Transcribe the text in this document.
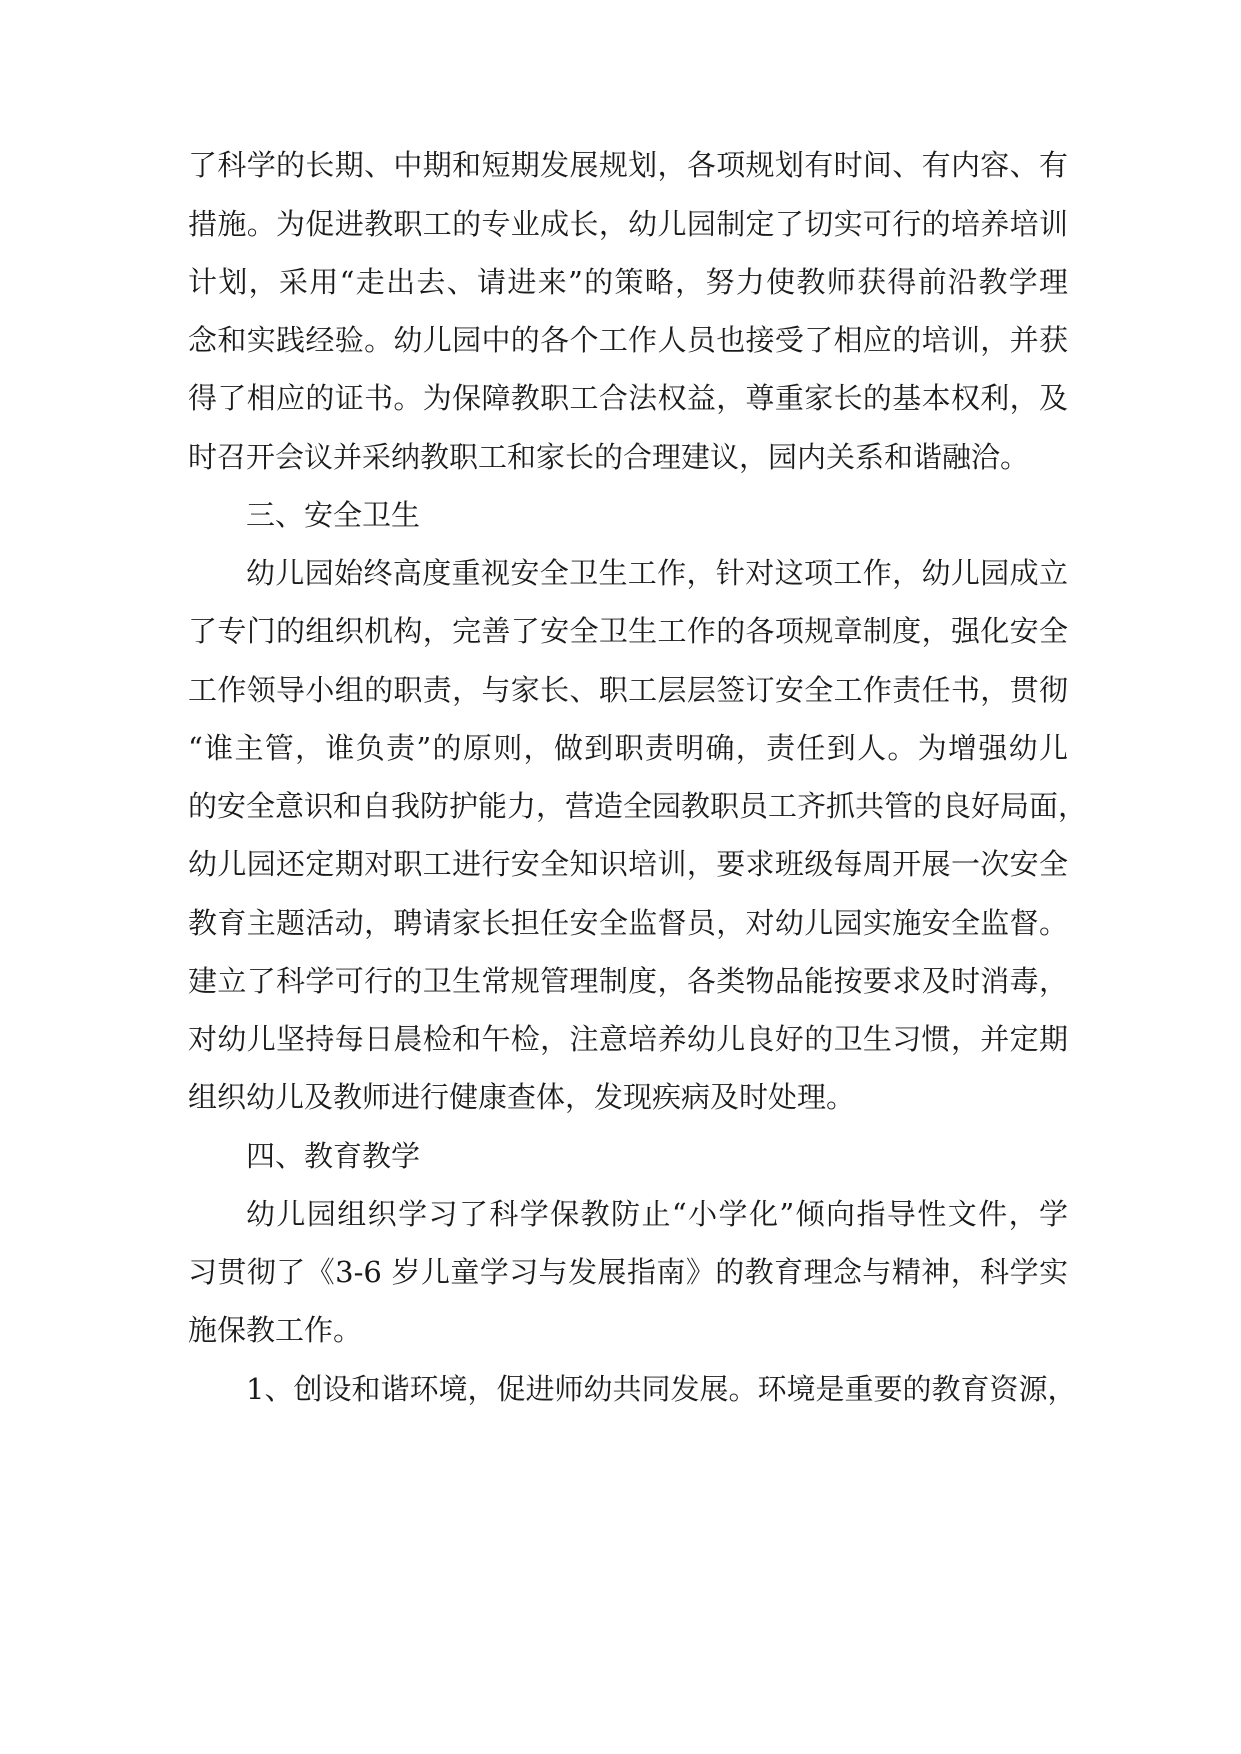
了科学的长期、中期和短期发展规划，各项规划有时间、有内容、有
措施。为促进教职工的专业成长，幼儿园制定了切实可行的培养培训
计划，采用“走出去、请进来”的策略，努力使教师获得前沿教学理
念和实践经验。幼儿园中的各个工作人员也接受了相应的培训，并获
得了相应的证书。为保障教职工合法权益，尊重家长的基本权利，及
时召开会议并采纳教职工和家长的合理建议，园内关系和谐融洽。
三、安全卫生
幼儿园始终高度重视安全卫生工作，针对这项工作，幼儿园成立
了专门的组织机构，完善了安全卫生工作的各项规章制度，强化安全
工作领导小组的职责，与家长、职工层层签订安全工作责任书，贯彻
“谁主管，谁负责”的原则，做到职责明确，责任到人。为增强幼儿
的安全意识和自我防护能力，营造全园教职员工齐抓共管的良好局面，
幼儿园还定期对职工进行安全知识培训，要求班级每周开展一次安全
教育主题活动，聘请家长担任安全监督员，对幼儿园实施安全监督。
建立了科学可行的卫生常规管理制度，各类物品能按要求及时消毒，
对幼儿坚持每日晨检和午检，注意培养幼儿良好的卫生习惯，并定期
组织幼儿及教师进行健康查体，发现疾病及时处理。
四、教育教学
幼儿园组织学习了科学保教防止“小学化”倾向指导性文件，学
习贯彻了《3-6 岁儿童学习与发展指南》的教育理念与精神，科学实
施保教工作。
1、创设和谐环境，促进师幼共同发展。环境是重要的教育资源，
